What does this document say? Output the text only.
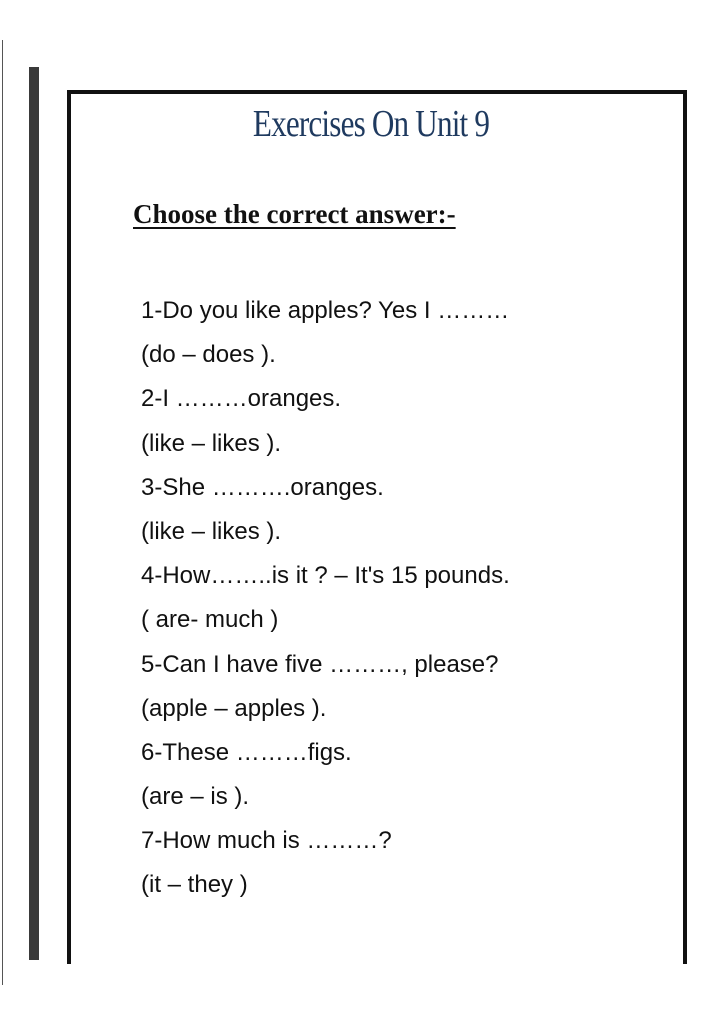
Exercises On Unit 9
Choose the correct answer:-
1-Do you like apples? Yes I ………
(do – does ).
2-I ………oranges.
(like – likes ).
3-She ……….oranges.
(like – likes ).
4-How……..is it ? – It's 15 pounds.
( are- much )
5-Can I have five ………, please?
(apple – apples ).
6-These ………figs.
(are – is ).
7-How much is ………?
(it – they )
